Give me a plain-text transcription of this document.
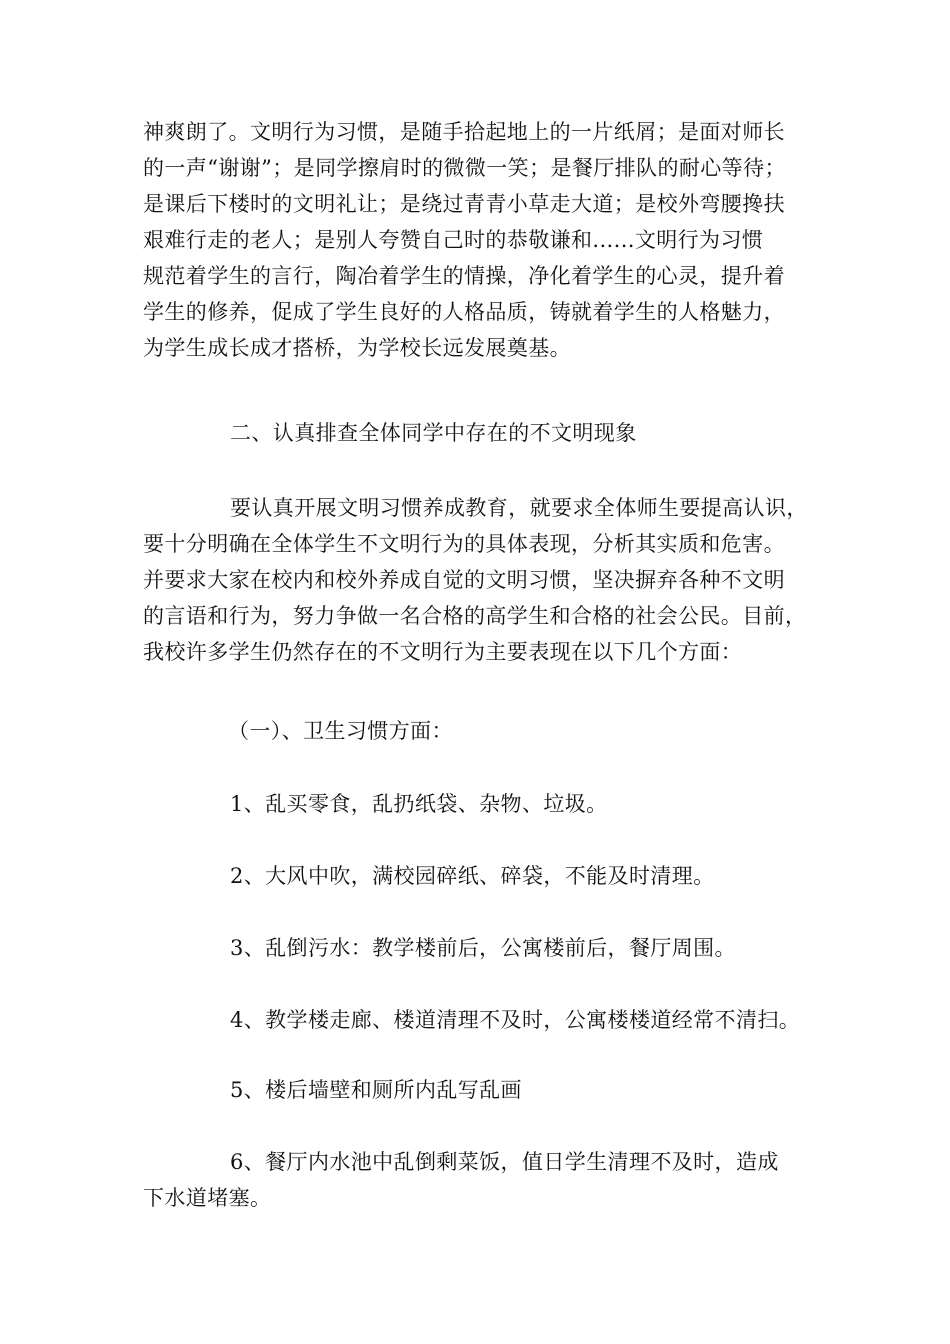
神爽朗了。文明行为习惯，是随手拾起地上的一片纸屑；是面对师长
的一声“谢谢”；是同学擦肩时的微微一笑；是餐厅排队的耐心等待；
是课后下楼时的文明礼让；是绕过青青小草走大道；是校外弯腰搀扶
艰难行走的老人；是别人夸赞自己时的恭敬谦和......文明行为习惯
规范着学生的言行，陶冶着学生的情操，净化着学生的心灵，提升着
学生的修养，促成了学生良好的人格品质，铸就着学生的人格魅力，
为学生成长成才搭桥，为学校长远发展奠基。
二、认真排查全体同学中存在的不文明现象
要认真开展文明习惯养成教育，就要求全体师生要提高认识，
要十分明确在全体学生不文明行为的具体表现，分析其实质和危害。
并要求大家在校内和校外养成自觉的文明习惯，坚决摒弃各种不文明
的言语和行为，努力争做一名合格的高学生和合格的社会公民。目前，
我校许多学生仍然存在的不文明行为主要表现在以下几个方面：
（一）、卫生习惯方面：
1、乱买零食，乱扔纸袋、杂物、垃圾。
2、大风中吹，满校园碎纸、碎袋，不能及时清理。
3、乱倒污水：教学楼前后，公寓楼前后，餐厅周围。
4、教学楼走廊、楼道清理不及时，公寓楼楼道经常不清扫。
5、楼后墙壁和厕所内乱写乱画
6、餐厅内水池中乱倒剩菜饭，值日学生清理不及时，造成
下水道堵塞。
